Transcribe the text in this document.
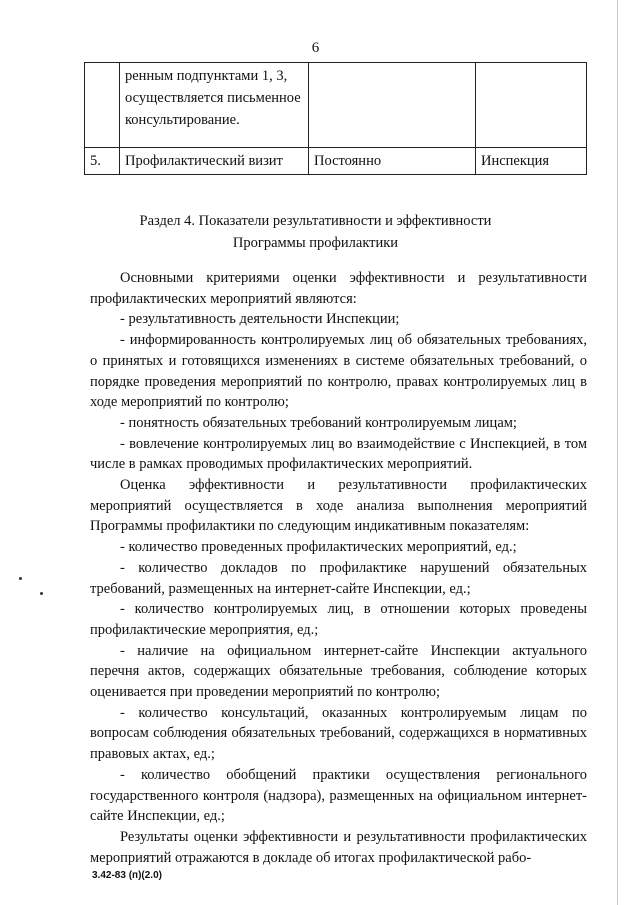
6
	ренным подпунктами 1, 3, осуществляется письменное консультирование.		
5.	Профилактический визит	Постоянно	Инспекция
Раздел 4. Показатели результативности и эффективности
Программы профилактики

Основными критериями оценки эффективности и результативности профилактических мероприятий являются:

- результативность деятельности Инспекции;

- информированность контролируемых лиц об обязательных требованиях, о принятых и готовящихся изменениях в системе обязательных требований, о порядке проведения мероприятий по контролю, правах контролируемых лиц в ходе мероприятий по контролю;

- понятность обязательных требований контролируемым лицам;

- вовлечение контролируемых лиц во взаимодействие с Инспекцией, в том числе в рамках проводимых профилактических мероприятий.

Оценка эффективности и результативности профилактических мероприятий осуществляется в ходе анализа выполнения мероприятий Программы профилактики по следующим индикативным показателям:

- количество проведенных профилактических мероприятий, ед.;

- количество докладов по профилактике нарушений обязательных требований, размещенных на интернет-сайте Инспекции, ед.;

- количество контролируемых лиц, в отношении которых проведены профилактические мероприятия, ед.;

- наличие на официальном интернет-сайте Инспекции актуального перечня актов, содержащих обязательные требования, соблюдение которых оценивается при проведении мероприятий по контролю;

- количество консультаций, оказанных контролируемым лицам по вопросам соблюдения обязательных требований, содержащихся в нормативных правовых актах, ед.;

- количество обобщений практики осуществления регионального государственного контроля (надзора), размещенных на официальном интернет-сайте Инспекции, ед.;

Результаты оценки эффективности и результативности профилактических мероприятий отражаются в докладе об итогах профилактической рабо-

3.42-83 (п)(2.0)
